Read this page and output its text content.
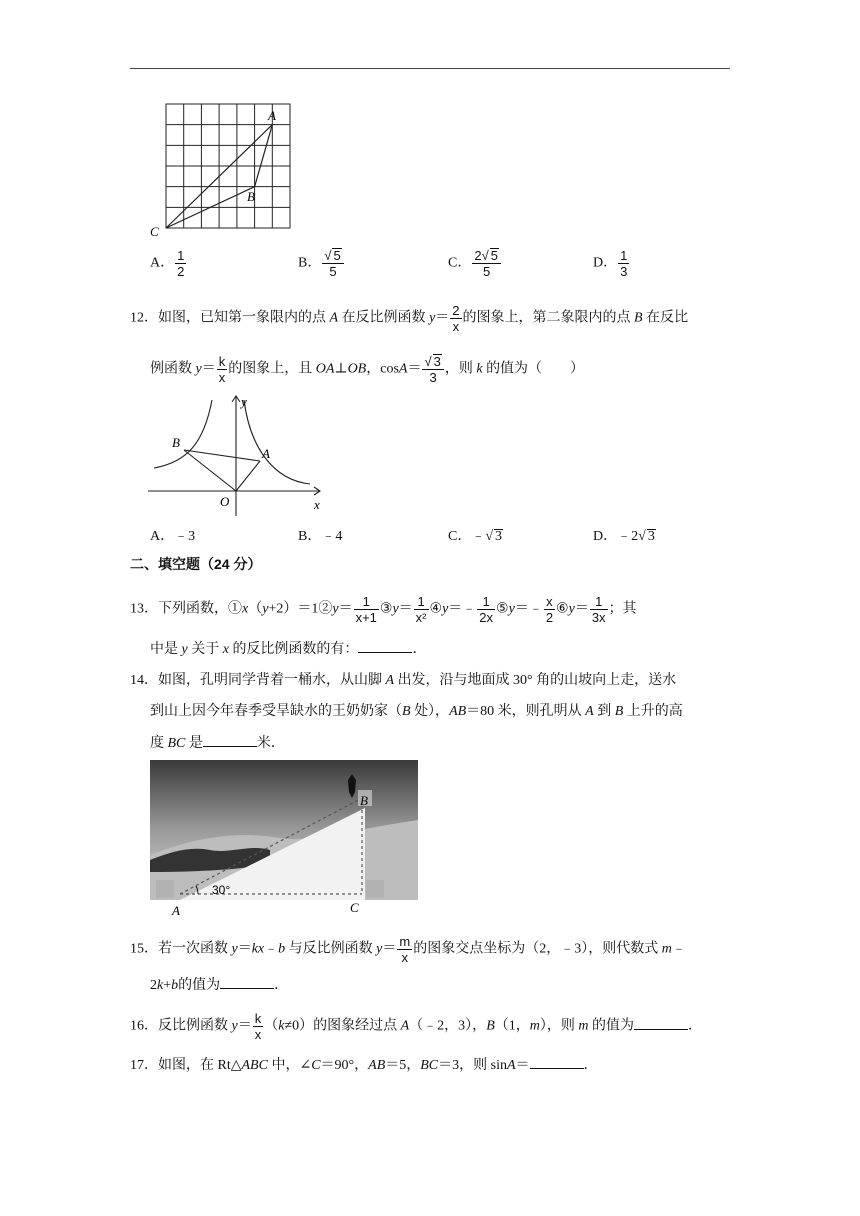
A
B
C
A． $\frac{1}{2}$	B． $\frac{√ 5}{5}$	C． $\frac{2√ 5}{5}$	D． $\frac{1}{3}$
12．如图，已知第一象限内的点 A 在反比例函数 $y= \frac{2}{x}$ 的图象上，第二象限内的点 B 在反比
例函数 $y= \frac{k}{x}$ 的图象上，且 OA⊥OB，$\cos A= \frac{√ 3}{3}$ ，则 k 的值为（　　）
y
x
B
A
O
A．﹣3	B．﹣4	C．﹣√ 3	D．﹣2√ 3
二、填空题（24 分）
13．下列函数，①x（y+2）＝1②y＝ $\frac{1}{x+1}$ ③y＝ $\frac{1}{\text{x²}}$ ④y＝﹣ $\frac{1}{2x}$ ⑤y＝﹣ $\frac{x}{2}$ ⑥y＝ $\frac{1}{3x}$ ；其
中是 y 关于 x 的反比例函数的有：	．
14．如图，孔明同学背着一桶水，从山脚 A 出发，沿与地面成 30° 角的山坡向上走，送水
到山上因今年春季受旱缺水的王奶奶家（B 处），AB＝80 米，则孔明从 A 到 B 上升的高
度 BC 是	米．
B
30°
A	C
15．若一次函数 y＝kx﹣b 与反比例函数 $y= \frac{m}{x}$ 的图象交点坐标为（2，﹣3），则代数式 m﹣
2k+b的值为	．
16．反比例函数 $y= \frac{k}{x} (k\ne 0)$的图象经过点 A（﹣2，3），B（1，m），则 m 的值为	．
17．如图，在 Rt△ABC 中，∠C＝90°，AB＝5，BC＝3，则 sinA＝	．
